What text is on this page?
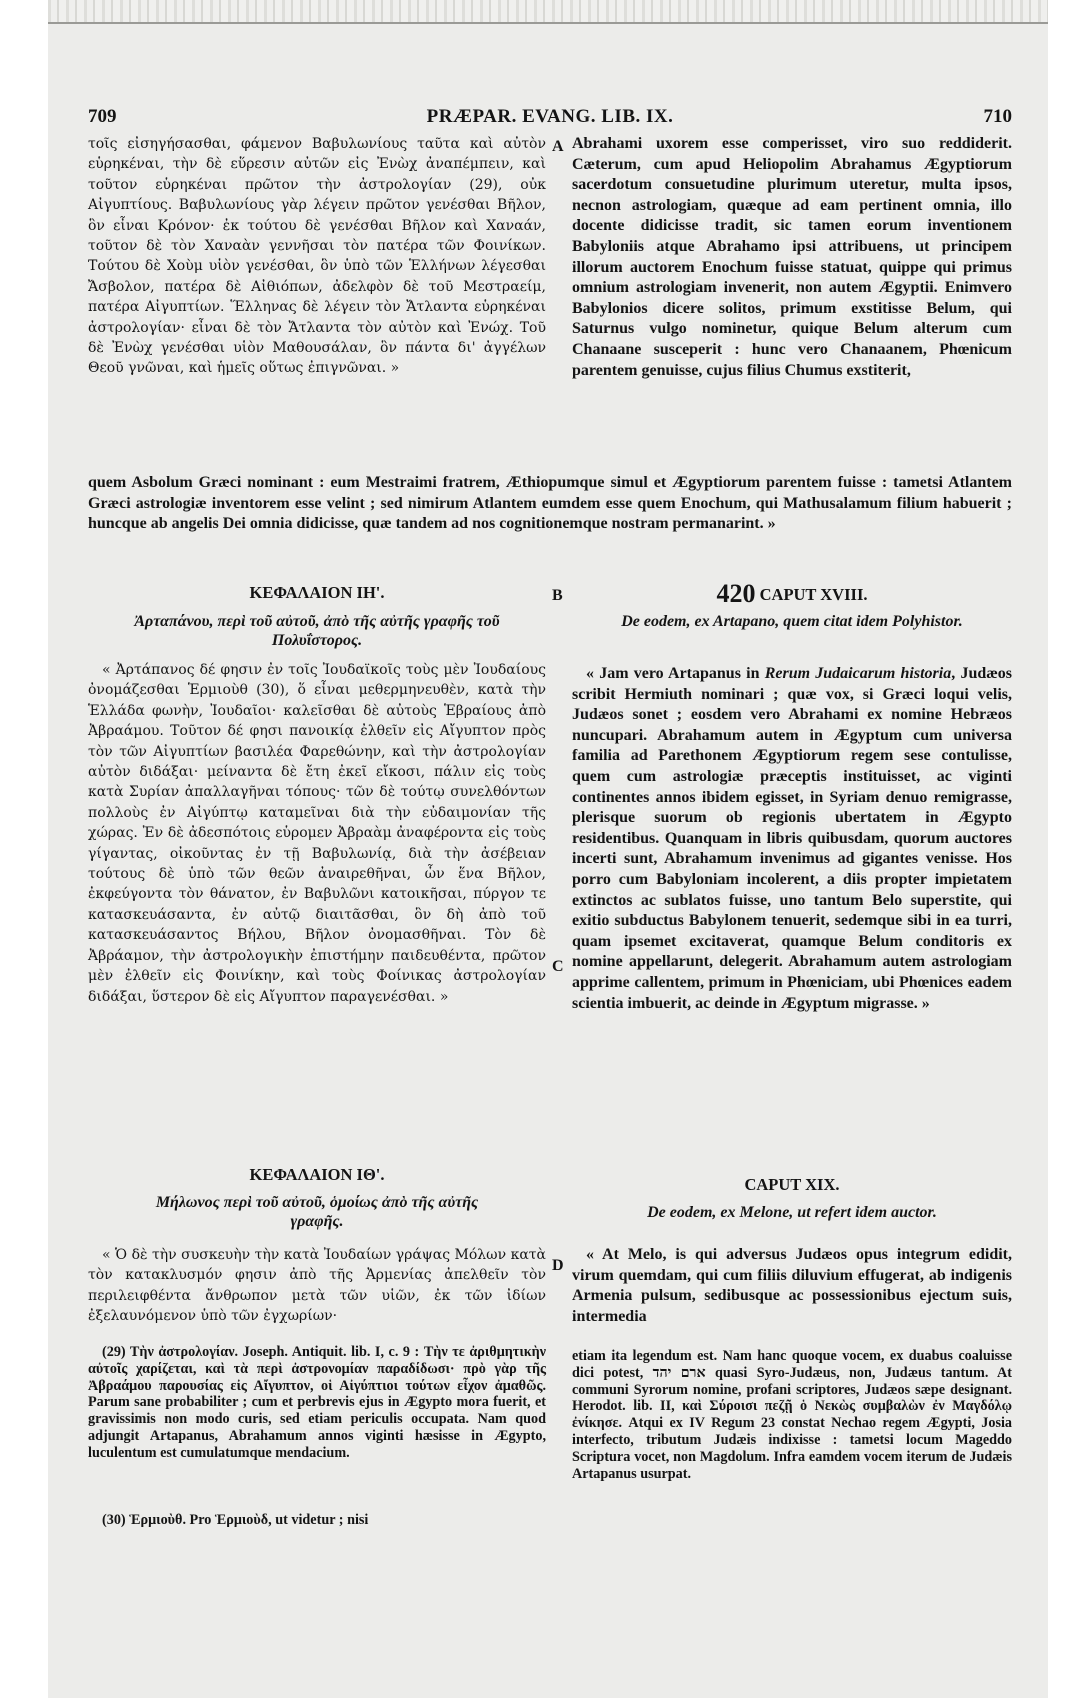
709	PRÆPAR. EVANG. LIB. IX.	710
τοῖς εἰσηγήσασθαι, φάμενον Βαβυλωνίους ταῦτα καὶ αὐτὸν εὑρηκέναι, τὴν δὲ εὕρεσιν αὐτῶν εἰς Ἐνὼχ ἀναπέμπειν, καὶ τοῦτον εὑρηκέναι πρῶτον τὴν ἀστρολογίαν (29), οὐκ Αἰγυπτίους. Βαβυλωνίους γὰρ λέγειν πρῶτον γενέσθαι Βῆλον, ὃν εἶναι Κρόνον· ἐκ τούτου δὲ γενέσθαι Βῆλον καὶ Χαναάν, τοῦτον δὲ τὸν Χαναὰν γεννῆσαι τὸν πατέρα τῶν Φοινίκων. Τούτου δὲ Χοὺμ υἱὸν γενέσθαι, ὃν ὑπὸ τῶν Ἑλλήνων λέγεσθαι Ἄσβολον, πατέρα δὲ Αἰθιόπων, ἀδελφὸν δὲ τοῦ Μεστραείμ, πατέρα Αἰγυπτίων. Ἕλληνας δὲ λέγειν τὸν Ἄτλαντα εὑρηκέναι ἀστρολογίαν· εἶναι δὲ τὸν Ἄτλαντα τὸν αὐτὸν καὶ Ἐνώχ. Τοῦ δὲ Ἐνὼχ γενέσθαι υἱὸν Μαθουσάλαν, ὃν πάντα δι' ἀγγέλων Θεοῦ γνῶναι, καὶ ἡμεῖς οὕτως ἐπιγνῶναι. »
A Abrahami uxorem esse comperisset, viro suo reddiderit. Cæterum, cum apud Heliopolim Abrahamus Ægyptiorum sacerdotum consuetudine plurimum uteretur, multa ipsos, necnon astrologiam, quæque ad eam pertinent omnia, illo docente didicisse tradit, sic tamen eorum inventionem Babyloniis atque Abrahamo ipsi attribuens, ut principem illorum auctorem Enochum fuisse statuat, quippe qui primus omnium astrologiam invenerit, non autem Ægyptii. Enimvero Babylonios dicere solitos, primum exstitisse Belum, qui Saturnus vulgo nominetur, quique Belum alterum cum Chanaane susceperit : hunc vero Chanaanem, Phœnicum parentem genuisse, cujus filius Chumus exstiterit,
quem Asbolum Græci nominant : eum Mestraimi fratrem, Æthiopumque simul et Ægyptiorum parentem fuisse : tametsi Atlantem Græci astrologiæ inventorem esse velint ; sed nimirum Atlantem eumdem esse quem Enochum, qui Mathusalamum filium habuerit ; huncque ab angelis Dei omnia didicisse, quæ tandem ad nos cognitionemque nostram permanarint. »
ΚΕΦΑΛΑΙΟΝ ΙΗ'.	B	420 CAPUT XVIII.
Ἀρταπάνου, περὶ τοῦ αὐτοῦ, ἀπὸ τῆς αὐτῆς γραφῆς τοῦ Πολυΐστορος.
De eodem, ex Artapano, quem citat idem Polyhistor.
« Ἀρτάπανος δέ φησιν ἐν τοῖς Ἰουδαϊκοῖς τοὺς μὲν Ἰουδαίους ὀνομάζεσθαι Ἑρμιοὺθ (30), ὅ εἶναι μεθερμηνευθὲν, κατὰ τὴν Ἑλλάδα φωνὴν, Ἰουδαῖοι· καλεῖσθαι δὲ αὐτοὺς Ἑβραίους ἀπὸ Ἀβραάμου. Τοῦτον δέ φησι πανοικίᾳ ἐλθεῖν εἰς Αἴγυπτον πρὸς τὸν τῶν Αἰγυπτίων βασιλέα Φαρεθώνην, καὶ τὴν ἀστρολογίαν αὐτὸν διδάξαι· μείναντα δὲ ἔτη ἐκεῖ εἴκοσι, πάλιν εἰς τοὺς κατὰ Συρίαν ἀπαλλαγῆναι τόπους· τῶν δὲ τούτῳ συνελθόντων πολλοὺς ἐν Αἰγύπτῳ καταμεῖναι διὰ τὴν εὐδαιμονίαν τῆς χώρας. Ἐν δὲ ἀδεσπότοις εὑρομεν Ἀβραὰμ ἀναφέροντα εἰς τοὺς γίγαντας, οἰκοῦντας ἐν τῇ Βαβυλωνίᾳ, διὰ τὴν ἀσέβειαν τούτους δὲ ὑπὸ τῶν θεῶν ἀναιρεθῆναι, ὧν ἕνα Βῆλον, ἐκφεύγοντα τὸν θάνατον, ἐν Βαβυλῶνι κατοικῆσαι, πύργον τε κατασκευάσαντα, ἐν αὐτῷ διαιτᾶσθαι, ὃν δὴ ἀπὸ τοῦ κατασκευάσαντος Βήλου, Βῆλον ὀνομασθῆναι. Τὸν δὲ Ἀβράαμον, τὴν ἀστρολογικὴν ἐπιστήμην παιδευθέντα, πρῶτον μὲν ἐλθεῖν εἰς Φοινίκην, καὶ τοὺς Φοίνικας ἀστρολογίαν διδάξαι, ὕστερον δὲ εἰς Αἴγυπτον παραγενέσθαι. »
C
« Jam vero Artapanus in Rerum Judaicarum historia, Judæos scribit Hermiuth nominari ; quæ vox, si Græci loqui velis, Judæos sonet ; eosdem vero Abrahami ex nomine Hebræos nuncupari. Abrahamum autem in Ægyptum cum universa familia ad Parethonem Ægyptiorum regem sese contulisse, quem cum astrologiæ præceptis instituisset, ac viginti continentes annos ibidem egisset, in Syriam denuo remigrasse, plerisque suorum ob regionis ubertatem in Ægypto residentibus. Quanquam in libris quibusdam, quorum auctores incerti sunt, Abrahamum invenimus ad gigantes venisse. Hos porro cum Babyloniam incolerent, a diis propter impietatem extinctos ac sublatos fuisse, uno tantum Belo superstite, qui exitio subductus Babylonem tenuerit, sedemque sibi in ea turri, quam ipsemet excitaverat, quamque Belum conditoris ex nomine appellarunt, delegerit. Abrahamum autem astrologiam apprime callentem, primum in Phœniciam, ubi Phœnices eadem scientia imbuerit, ac deinde in Ægyptum migrasse. »
ΚΕΦΑΛΑΙΟΝ ΙΘ'.
CAPUT XIX.
Μήλωνος περὶ τοῦ αὐτοῦ, ὁμοίως ἀπὸ τῆς αὐτῆς γραφῆς.
De eodem, ex Melone, ut refert idem auctor.
« Ὁ δὲ τὴν συσκευὴν τὴν κατὰ Ἰουδαίων γράψας Μόλων κατὰ τὸν κατακλυσμόν φησιν ἀπὸ τῆς Ἀρμενίας ἀπελθεῖν τὸν περιλειφθέντα ἄνθρωπον μετὰ τῶν υἱῶν, ἐκ τῶν ἰδίων ἐξελαυνόμενον ὑπὸ τῶν ἐγχωρίων·
D
« At Melo, is qui adversus Judæos opus integrum edidit, virum quemdam, qui cum filiis diluvium effugerat, ab indigenis Armenia pulsum, sedibusque ac possessionibus ejectum suis, intermedia
(29) Τὴν ἀστρολογίαν. Joseph. Antiquit. lib. I, c. 9 : Τὴν τε ἀριθμητικὴν αὐτοῖς χαρίζεται, καὶ τὰ περὶ ἀστρονομίαν παραδίδωσι· πρὸ γὰρ τῆς Ἀβραάμου παρουσίας εἰς Αἴγυπτον, οἱ Αἰγύπτιοι τούτων εἶχον ἀμαθῶς. Parum sane probabiliter ; cum et perbrevis ejus in Ægypto mora fuerit, et gravissimis non modo curis, sed etiam periculis occupata. Nam quod adjungit Artapanus, Abrahamum annos viginti hæsisse in Ægypto, luculentum est cumulatumque mendacium.
(30) Ἑρμιοὺθ. Pro Ἑρμιοὺδ, ut videtur ; nisi
etiam ita legendum est. Nam hanc quoque vocem, ex duabus coaluisse dici potest, ארם יהד quasi Syro-Judæus, non, Judæus tantum. At communi Syrorum nomine, profani scriptores, Judæos sæpe designant. Herodot. lib. II, καὶ Σύροισι πεζῇ ὁ Νεκὼς συμβαλὼν ἐν Μαγδόλῳ ἐνίκησε. Atqui ex IV Regum 23 constat Nechao regem Ægypti, Josia interfecto, tributum Judæis indixisse : tametsi locum Mageddo Scriptura vocet, non Magdolum. Infra eamdem vocem iterum de Judæis Artapanus usurpat.
